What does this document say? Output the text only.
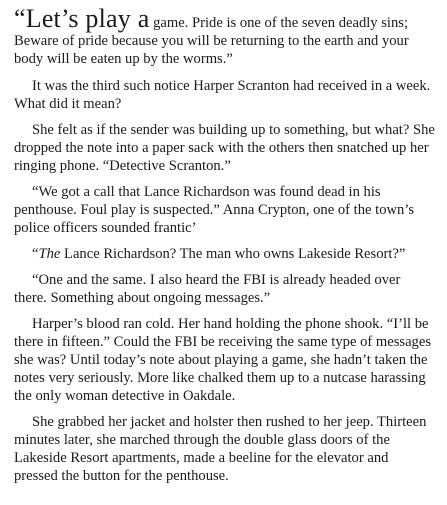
“Let’s play a game. Pride is one of the seven deadly sins; Beware of pride because you will be returning to the earth and your body will be eaten up by the worms.”

It was the third such notice Harper Scranton had received in a week. What did it mean?

She felt as if the sender was building up to something, but what? She dropped the note into a paper sack with the others then snatched up her ringing phone. “Detective Scranton.”

“We got a call that Lance Richardson was found dead in his penthouse. Foul play is suspected.” Anna Crypton, one of the town’s police officers sounded frantic’

“The Lance Richardson? The man who owns Lakeside Resort?”

“One and the same. I also heard the FBI is already headed over there. Something about ongoing messages.”

Harper’s blood ran cold. Her hand holding the phone shook. “I’ll be there in fifteen.” Could the FBI be receiving the same type of messages she was? Until today’s note about playing a game, she hadn’t taken the notes very seriously. More like chalked them up to a nutcase harassing the only woman detective in Oakdale.

She grabbed her jacket and holster then rushed to her jeep. Thirteen minutes later, she marched through the double glass doors of the Lakeside Resort apartments, made a beeline for the elevator and pressed the button for the penthouse.
